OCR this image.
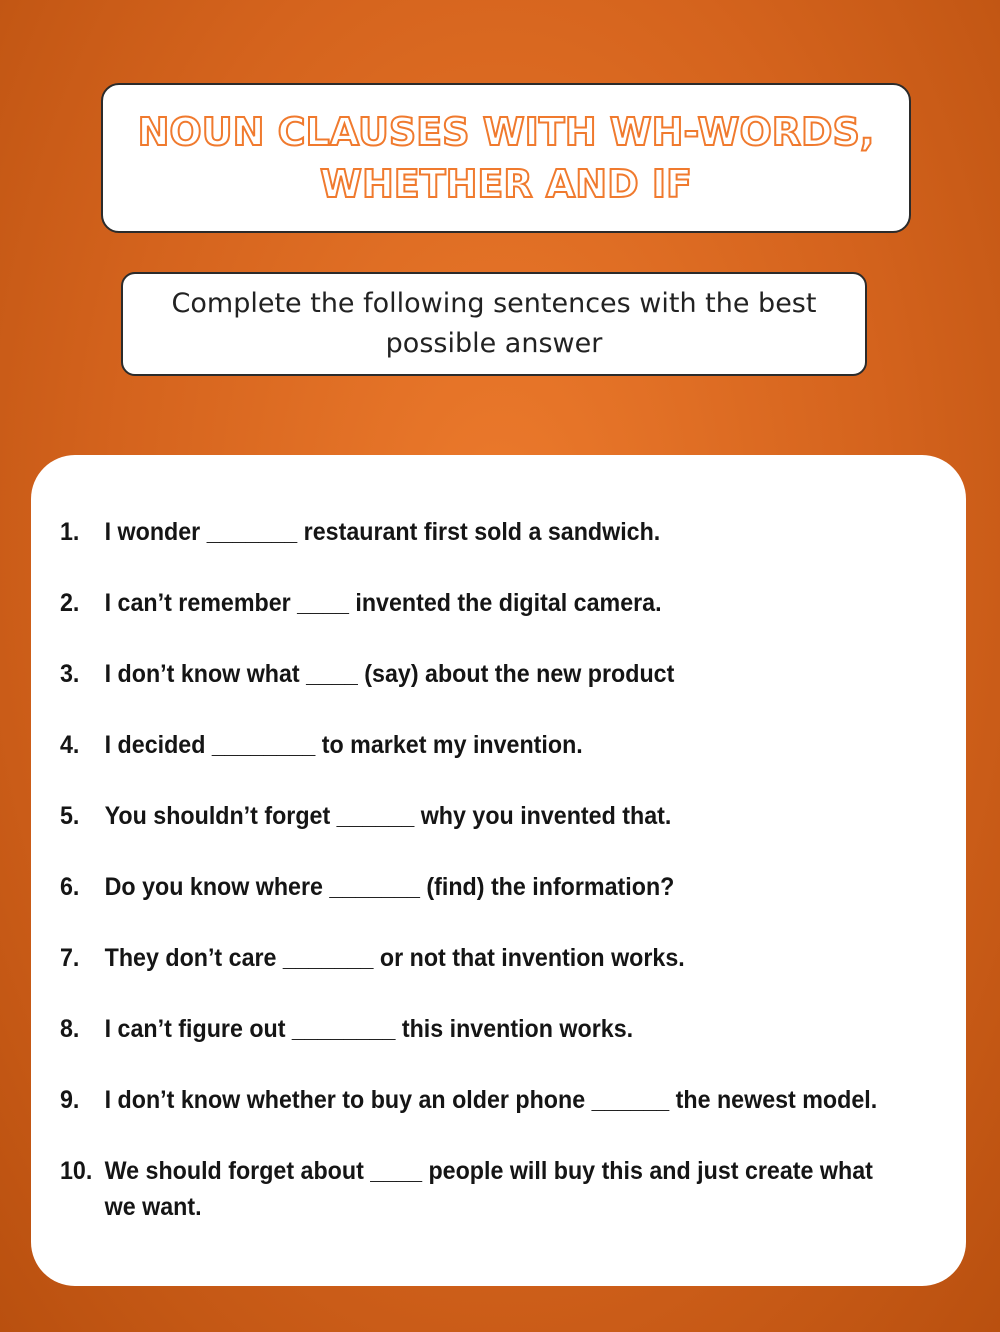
NOUN CLAUSES WITH WH-WORDS,
WHETHER AND IF
Complete the following sentences with the best
possible answer
1.	I wonder _______ restaurant first sold a sandwich.
2.	I can’t remember ____ invented the digital camera.
3.	I don’t know what ____ (say) about the new product
4.	I decided ________ to market my invention.
5.	You shouldn’t forget ______ why you invented that.
6.	Do you know where _______ (find) the information?
7.	They don’t care _______ or not that invention works.
8.	I can’t figure out ________ this invention works.
9.	I don’t know whether to buy an older phone ______ the newest model.
10. We should forget about ____ people will buy this and just create what we want.
